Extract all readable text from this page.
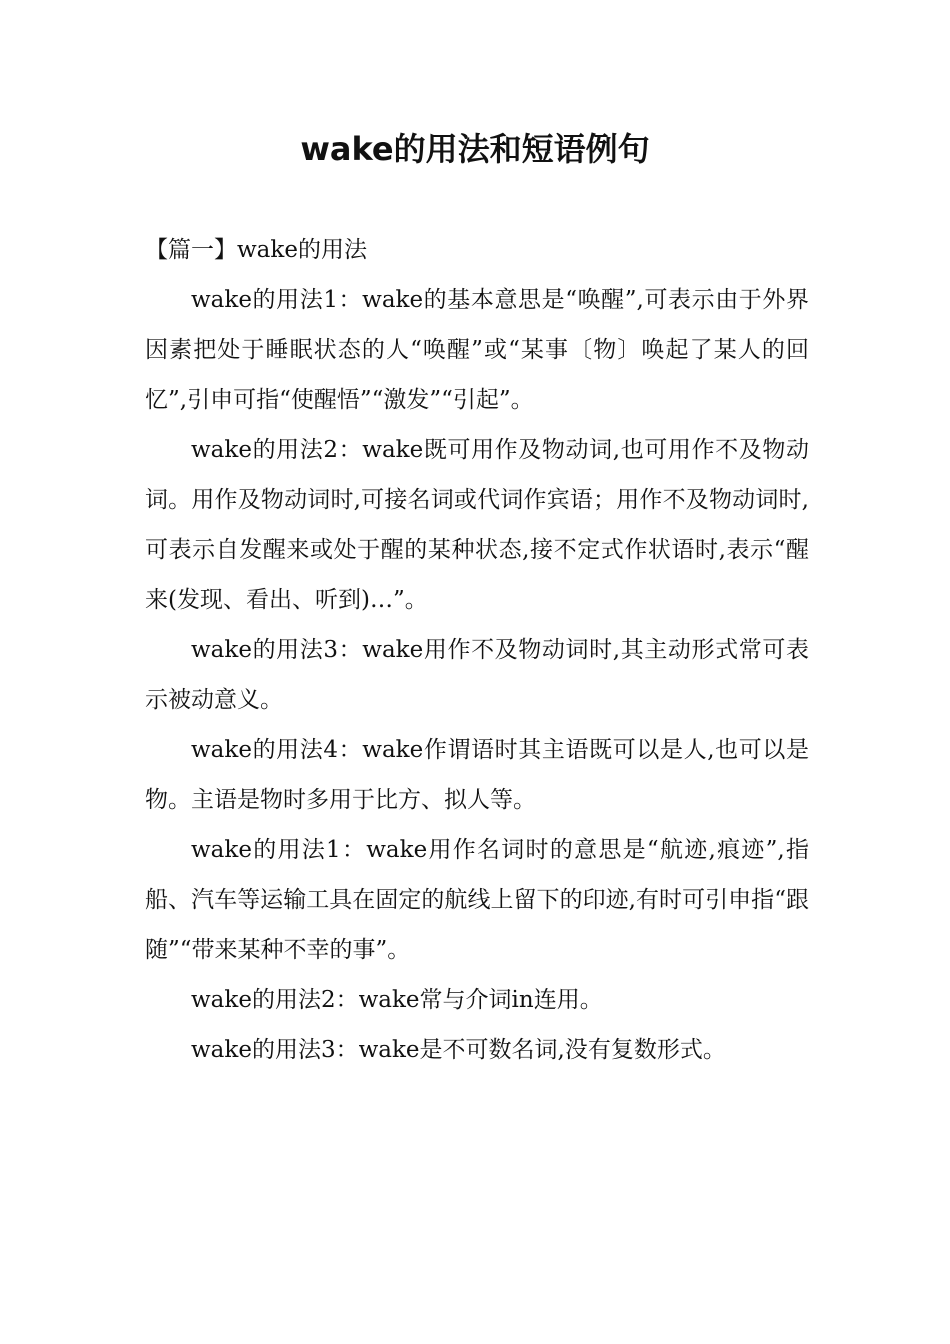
wake的用法和短语例句

【篇一】wake的用法

wake的用法1：wake的基本意思是“唤醒”,可表示由于外界因素把处于睡眠状态的人“唤醒”或“某事〔物〕唤起了某人的回忆”,引申可指“使醒悟”“激发”“引起”。

wake的用法2：wake既可用作及物动词,也可用作不及物动词。用作及物动词时,可接名词或代词作宾语；用作不及物动词时,可表示自发醒来或处于醒的某种状态,接不定式作状语时,表示“醒来(发现、看出、听到)…”。

wake的用法3：wake用作不及物动词时,其主动形式常可表示被动意义。

wake的用法4：wake作谓语时其主语既可以是人,也可以是物。主语是物时多用于比方、拟人等。

wake的用法1：wake用作名词时的意思是“航迹,痕迹”,指船、汽车等运输工具在固定的航线上留下的印迹,有时可引申指“跟随”“带来某种不幸的事”。

wake的用法2：wake常与介词in连用。

wake的用法3：wake是不可数名词,没有复数形式。
